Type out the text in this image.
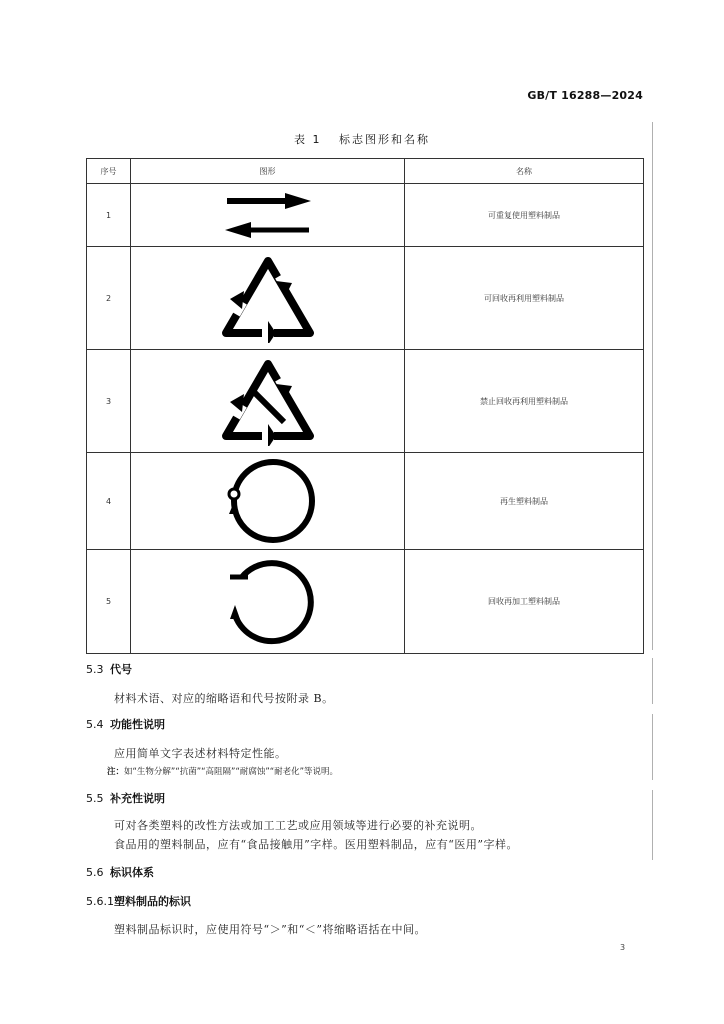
GB/T 16288—2024
表 1 标志图形和名称
序号	图形	名称
1		可重复使用塑料制品
2		可回收再利用塑料制品
3		禁止回收再利用塑料制品
4		再生塑料制品
5		回收再加工塑料制品
5.3 代号
材料术语、对应的缩略语和代号按附录 B。
5.4 功能性说明
应用简单文字表述材料特定性能。
注：如“生物分解”“抗菌”“高阻隔”“耐腐蚀”“耐老化”等说明。
5.5 补充性说明
可对各类塑料的改性方法或加工工艺或应用领域等进行必要的补充说明。
食品用的塑料制品，应有“食品接触用”字样。医用塑料制品，应有“医用”字样。
5.6 标识体系
5.6.1塑料制品的标识
塑料制品标识时，应使用符号“＞”和“＜”将缩略语括在中间。
3
